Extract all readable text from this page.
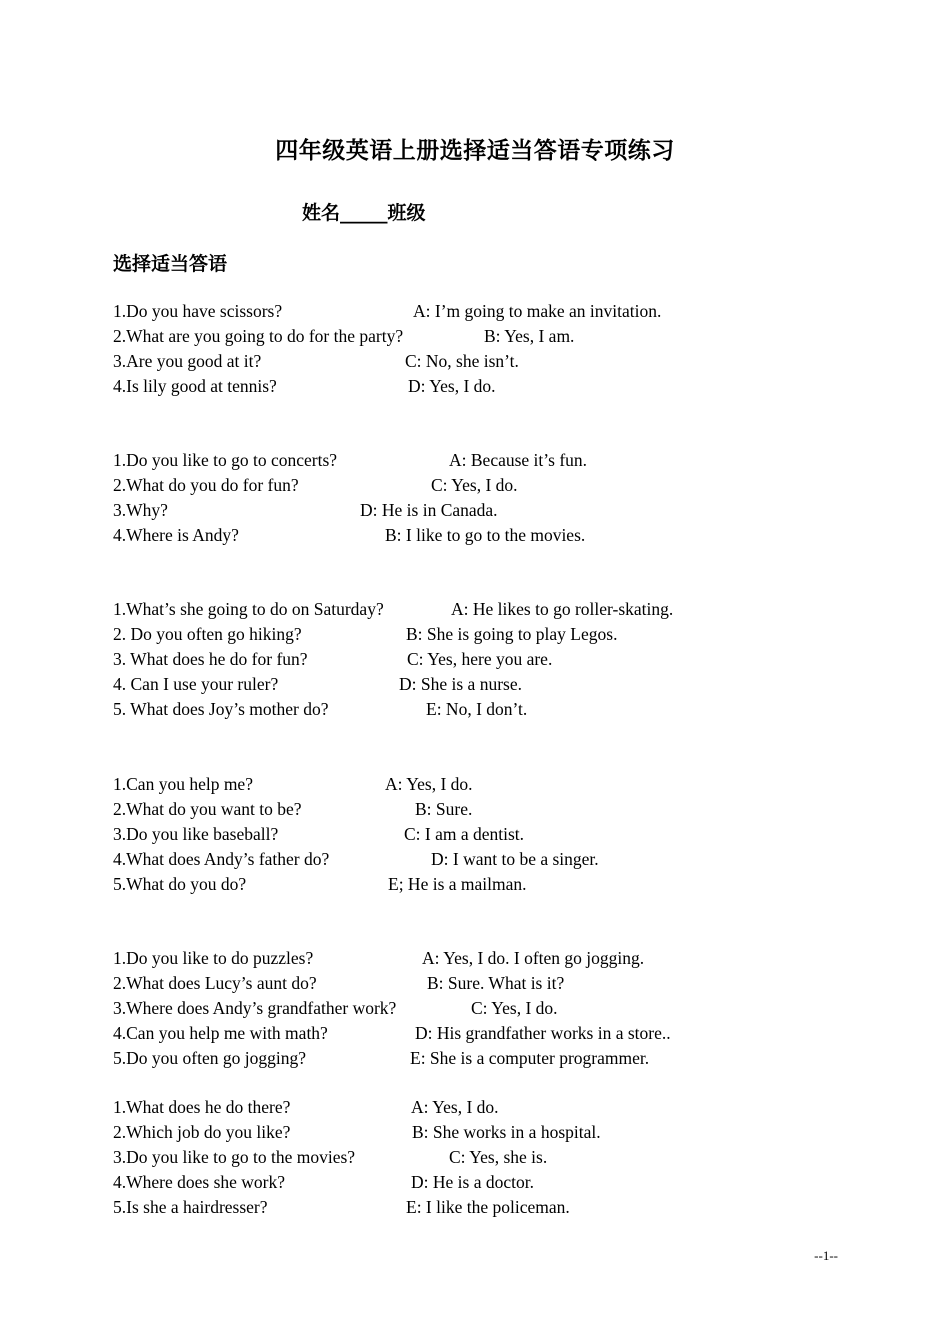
四年级英语上册选择适当答语专项练习
姓名_____班级
选择适当答语
1.Do you have scissors?	A: I’m going to make an invitation.
2.What are you going to do for the party?	B: Yes, I am.
3.Are you good at it?	C: No, she isn’t.
4.Is lily good at tennis?	D: Yes, I do.
1.Do you like to go to concerts?	A: Because it’s fun.
2.What do you do for fun?	C: Yes, I do.
3.Why?	D: He is in Canada.
4.Where is Andy?	B: I like to go to the movies.
1.What’s she going to do on Saturday?	A: He likes to go roller-skating.
2. Do you often go hiking?	B: She is going to play Legos.
3. What does he do for fun?	C: Yes, here you are.
4. Can I use your ruler?	D: She is a nurse.
5. What does Joy’s mother do?	E: No, I don’t.
1.Can you help me?	A: Yes, I do.
2.What do you want to be?	B: Sure.
3.Do you like baseball?	C: I am a dentist.
4.What does Andy’s father do?	D: I want to be a singer.
5.What do you do?	E; He is a mailman.
1.Do you like to do puzzles?	A: Yes, I do. I often go jogging.
2.What does Lucy’s aunt do?	B: Sure. What is it?
3.Where does Andy’s grandfather work?	C: Yes, I do.
4.Can you help me with math?	D: His grandfather works in a store..
5.Do you often go jogging?	E: She is a computer programmer.
1.What does he do there?	A: Yes, I do.
2.Which job do you like?	B: She works in a hospital.
3.Do you like to go to the movies?	C: Yes, she is.
4.Where does she work?	D: He is a doctor.
5.Is she a hairdresser?	E: I like the policeman.
--1--
